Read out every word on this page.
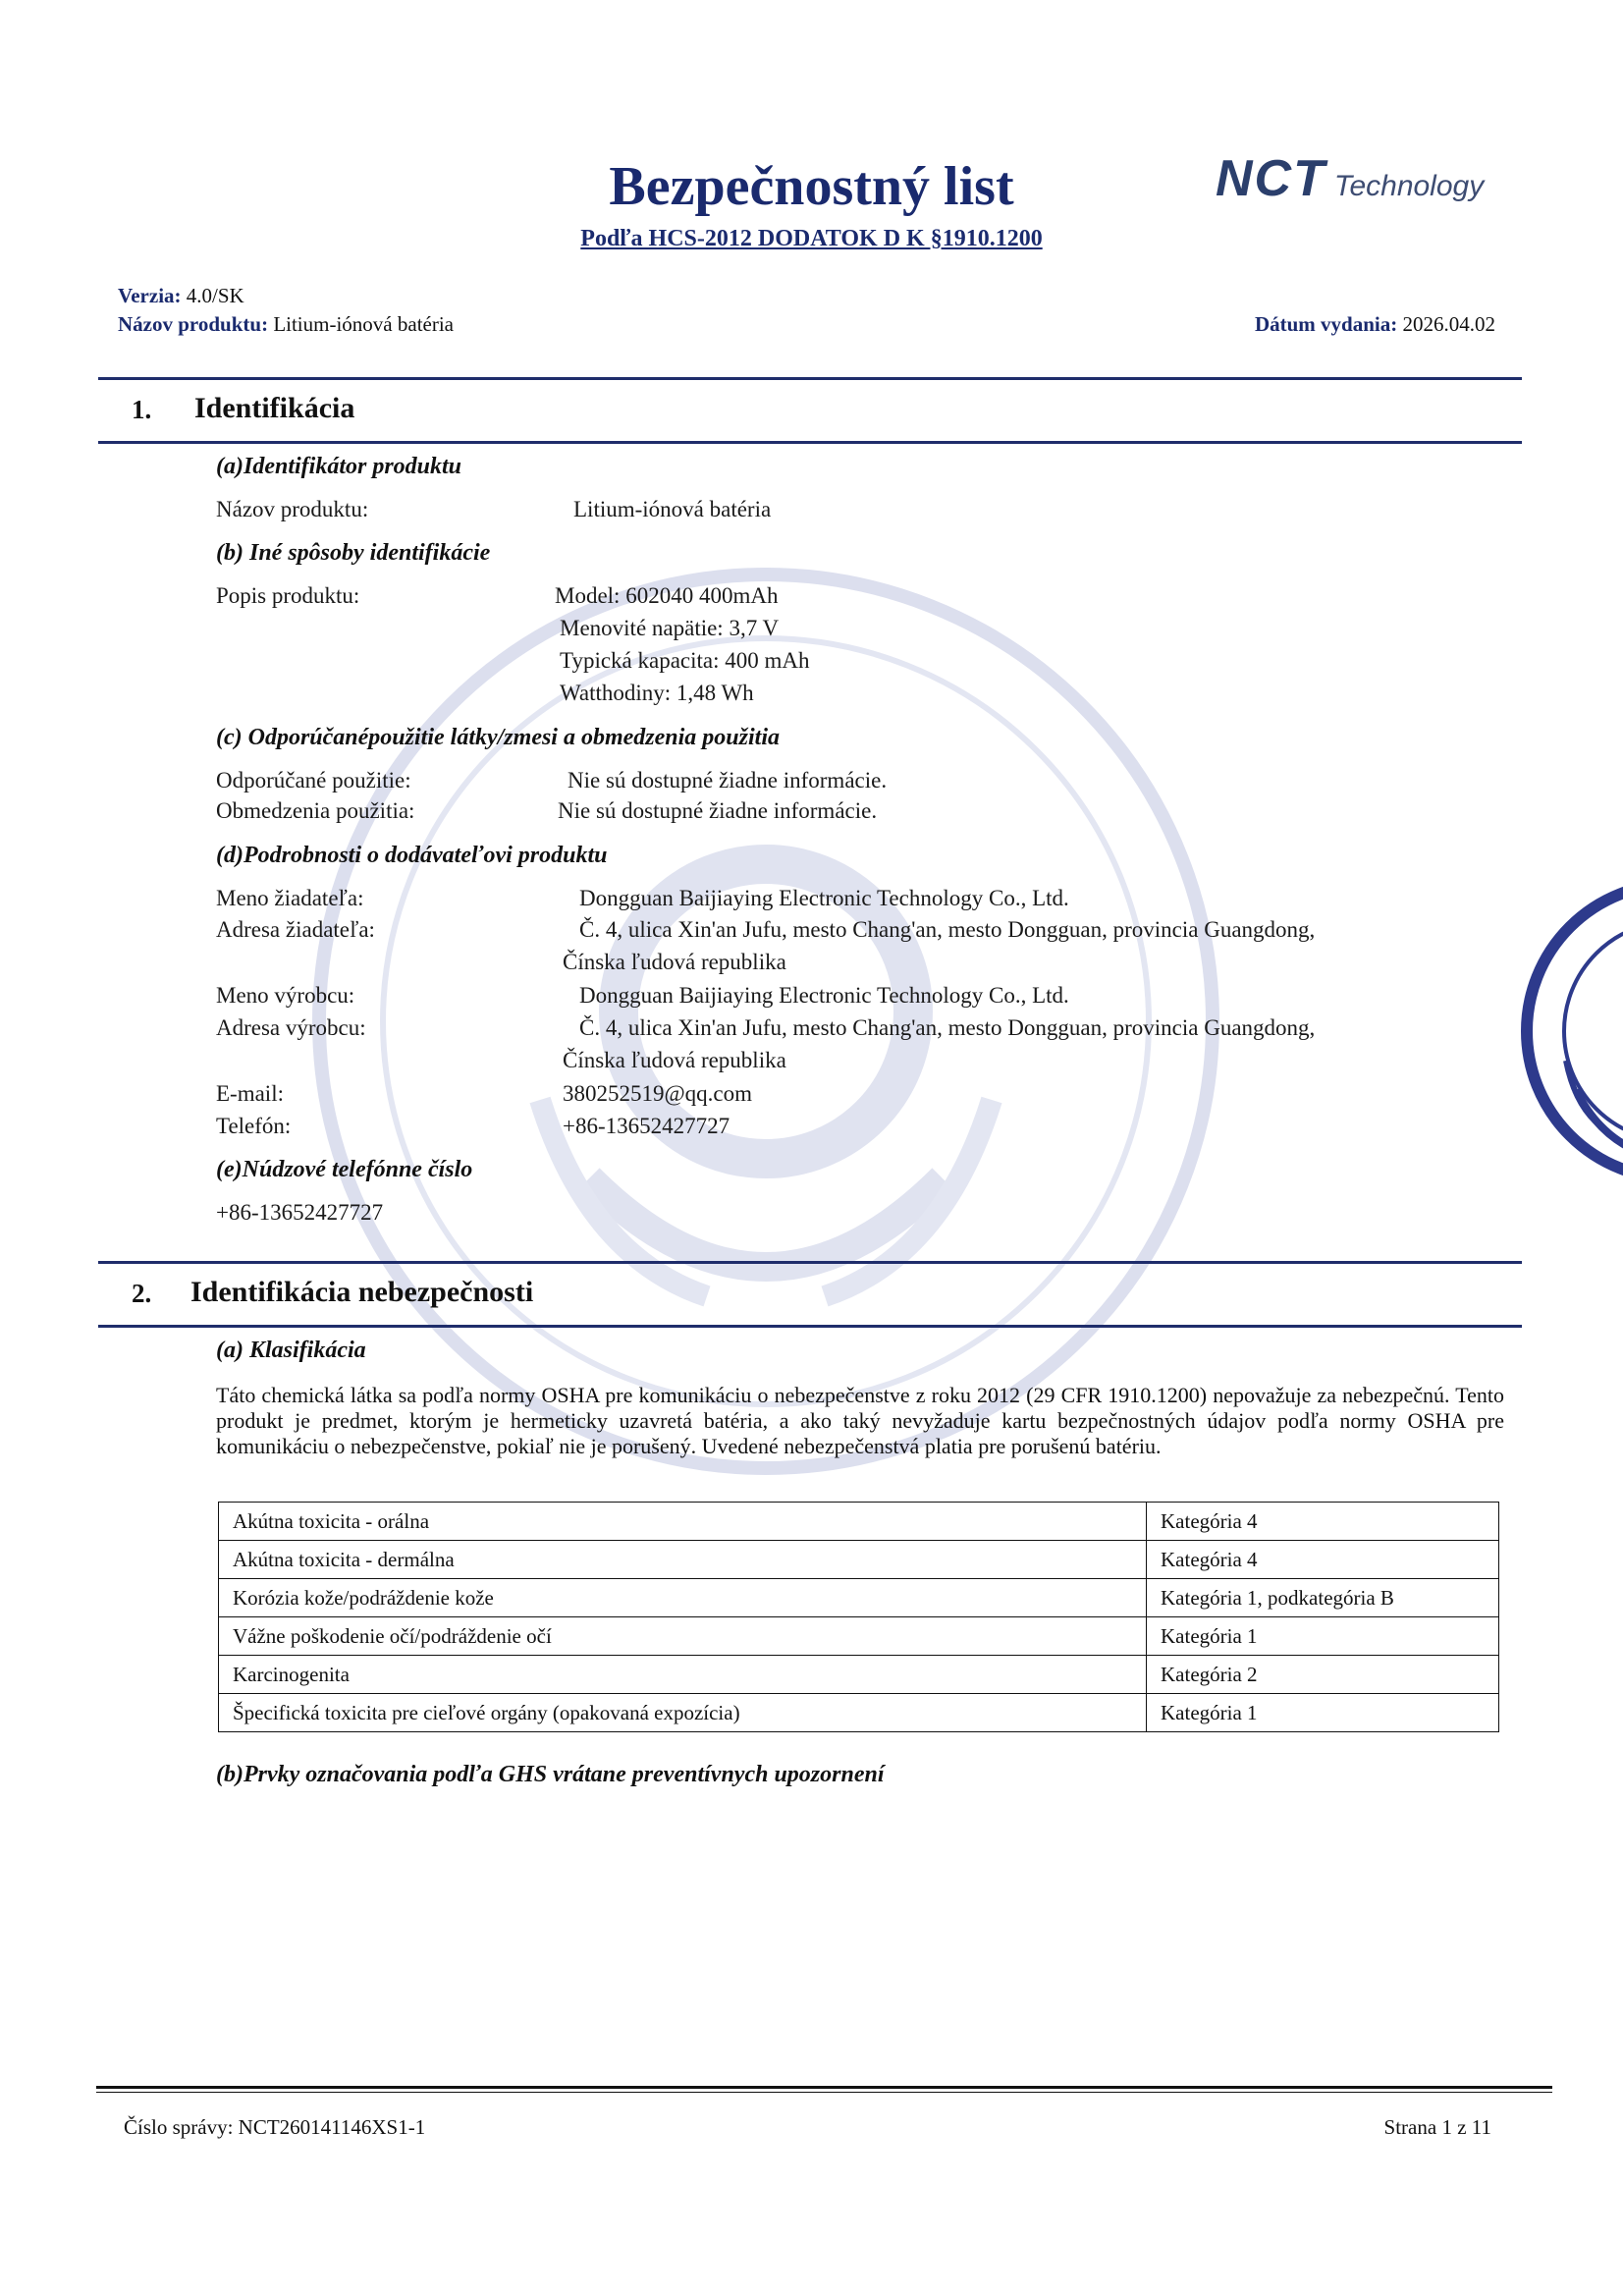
Bezpečnostný list
Podľa HCS-2012 DODATOK D K §1910.1200
NCT Technology
Verzia: 4.0/SK
Názov produktu: Litium-iónová batéria	Dátum vydania: 2026.04.02
1. Identifikácia
(a)Identifikátor produktu
Názov produktu:	Litium-iónová batéria
(b) Iné spôsoby identifikácie
Popis produktu:	Model: 602040 400mAh
Menovité napätie: 3,7 V
Typická kapacita: 400 mAh
Watthodiny: 1,48 Wh
(c) Odporúčanépoužitie látky/zmesi a obmedzenia použitia
Odporúčané použitie:	Nie sú dostupné žiadne informácie.
Obmedzenia použitia:	Nie sú dostupné žiadne informácie.
(d)Podrobnosti o dodávateľovi produktu
Meno žiadateľa:	Dongguan Baijiaying Electronic Technology Co., Ltd.
Adresa žiadateľa:	Č. 4, ulica Xin'an Jufu, mesto Chang'an, mesto Dongguan, provincia Guangdong,
Čínska ľudová republika
Meno výrobcu:	Dongguan Baijiaying Electronic Technology Co., Ltd.
Adresa výrobcu:	Č. 4, ulica Xin'an Jufu, mesto Chang'an, mesto Dongguan, provincia Guangdong,
Čínska ľudová republika
E-mail:	380252519@qq.com
Telefón:	+86-13652427727
(e)Núdzové telefónne číslo
+86-13652427727
2. Identifikácia nebezpečnosti
(a) Klasifikácia
Táto chemická látka sa podľa normy OSHA pre komunikáciu o nebezpečenstve z roku 2012 (29 CFR 1910.1200) nepovažuje za nebezpečnú. Tento produkt je predmet, ktorým je hermeticky uzavretá batéria, a ako taký nevyžaduje kartu bezpečnostných údajov podľa normy OSHA pre komunikáciu o nebezpečenstve, pokiaľ nie je porušený. Uvedené nebezpečenstvá platia pre porušenú batériu.
Akútna toxicita - orálna	Kategória 4
Akútna toxicita - dermálna	Kategória 4
Korózia kože/podráždenie kože	Kategória 1, podkategória B
Vážne poškodenie očí/podráždenie očí	Kategória 1
Karcinogenita	Kategória 2
Špecifická toxicita pre cieľové orgány (opakovaná expozícia)	Kategória 1
(b)Prvky označovania podľa GHS vrátane preventívnych upozornení
Číslo správy: NCT260141146XS1-1	Strana 1 z 11
